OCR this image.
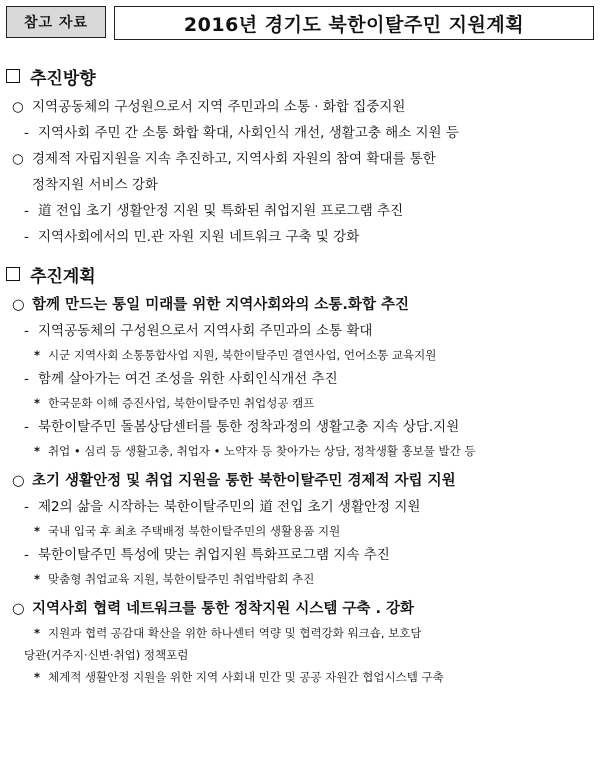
참고 자료	2016년 경기도 북한이탈주민 지원계획
추진방향
○ 지역공동체의 구성원으로서 지역 주민과의 소통 · 화합 집중지원
- 지역사회 주민 간 소통 화합 확대, 사회인식 개선, 생활고충 해소 지원 등
○ 경제적 자립지원을 지속 추진하고, 지역사회 자원의 참여 확대를 통한
정착지원 서비스 강화
- 道 전입 초기 생활안정 지원 및 특화된 취업지원 프로그램 추진
- 지역사회에서의 민.관 자원 지원 네트워크 구축 및 강화
추진계획
○ 함께 만드는 통일 미래를 위한 지역사회와의 소통.화합 추진
- 지역공동체의 구성원으로서 지역사회 주민과의 소통 확대
* 시군 지역사회 소통통합사업 지원, 북한이탈주민 결연사업, 언어소통 교육지원
- 함께 살아가는 여건 조성을 위한 사회인식개선 추진
* 한국문화 이해 증진사업, 북한이탈주민 취업성공 캠프
- 북한이탈주민 돌봄상담센터를 통한 정착과정의 생활고충 지속 상담.지원
* 취업 • 심리 등 생활고충, 취업자 • 노약자 등 찾아가는 상담, 정착생활 홍보물 발간 등
○ 초기 생활안정 및 취업 지원을 통한 북한이탈주민 경제적 자립 지원
- 제2의 삶을 시작하는 북한이탈주민의 道 전입 초기 생활안정 지원
* 국내 입국 후 최초 주택배정 북한이탈주민의 생활용품 지원
- 북한이탈주민 특성에 맞는 취업지원 특화프로그램 지속 추진
* 맞춤형 취업교육 지원, 북한이탈주민 취업박람회 추진
○ 지역사회 협력 네트워크를 통한 정착지원 시스템 구축 . 강화
* 지원과 협력 공감대 확산을 위한 하나센터 역량 및 협력강화 워크숍, 보호담
당관(거주지·신변·취업) 정책포럼
* 체계적 생활안정 지원을 위한 지역 사회내 민간 및 공공 자원간 협업시스템 구축
